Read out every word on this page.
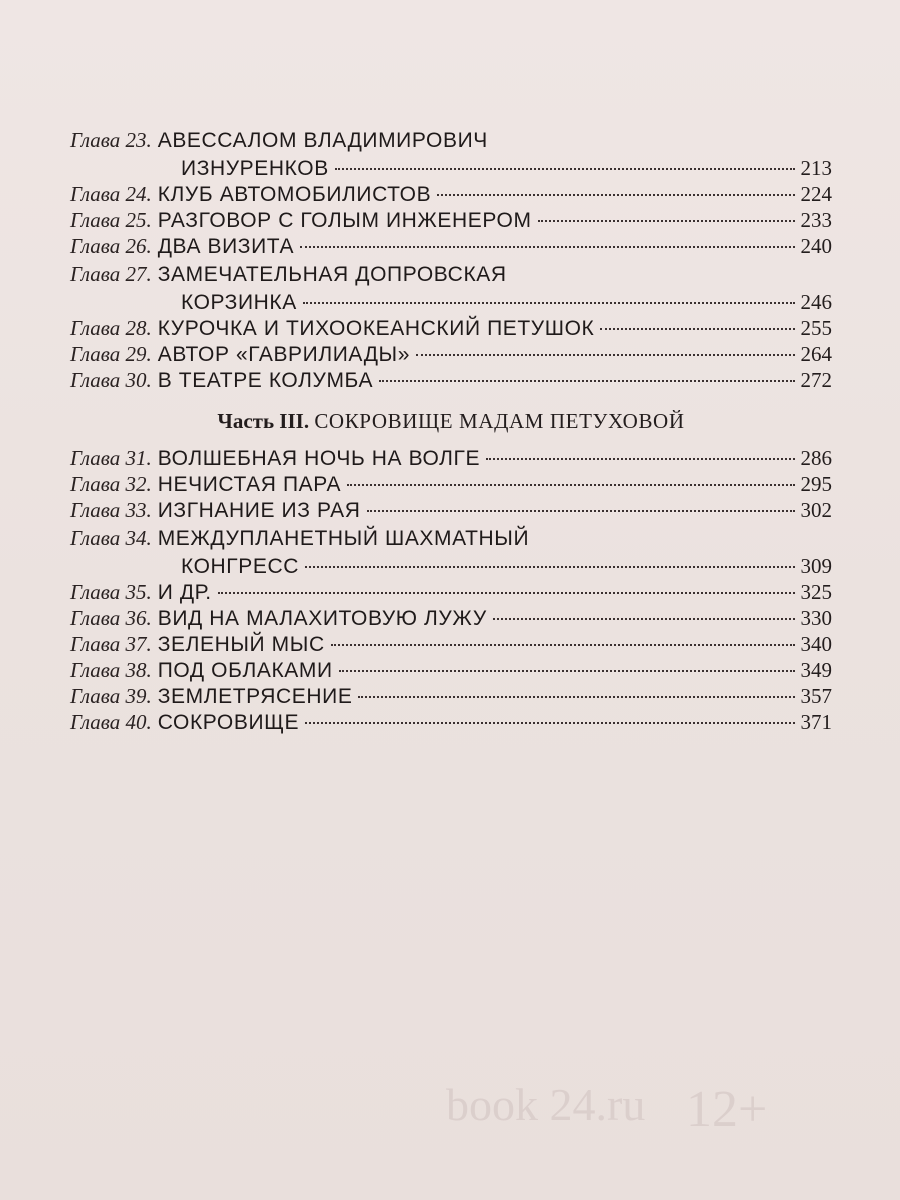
Глава 23. АВЕССАЛОМ ВЛАДИМИРОВИЧ
ИЗНУРЕНКОВ	213
Глава 24. КЛУБ АВТОМОБИЛИСТОВ	224
Глава 25. РАЗГОВОР С ГОЛЫМ ИНЖЕНЕРОМ	233
Глава 26. ДВА ВИЗИТА	240
Глава 27. ЗАМЕЧАТЕЛЬНАЯ ДОПРОВСКАЯ
КОРЗИНКА	246
Глава 28. КУРОЧКА И ТИХООКЕАНСКИЙ ПЕТУШОК	255
Глава 29. АВТОР «ГАВРИЛИАДЫ»	264
Глава 30. В ТЕАТРЕ КОЛУМБА	272
Часть III. СОКРОВИЩЕ МАДАМ ПЕТУХОВОЙ
Глава 31. ВОЛШЕБНАЯ НОЧЬ НА ВОЛГЕ	286
Глава 32. НЕЧИСТАЯ ПАРА	295
Глава 33. ИЗГНАНИЕ ИЗ РАЯ	302
Глава 34. МЕЖДУПЛАНЕТНЫЙ ШАХМАТНЫЙ
КОНГРЕСС	309
Глава 35. И ДР.	325
Глава 36. ВИД НА МАЛАХИТОВУЮ ЛУЖУ	330
Глава 37. ЗЕЛЕНЫЙ МЫС	340
Глава 38. ПОД ОБЛАКАМИ	349
Глава 39. ЗЕМЛЕТРЯСЕНИЕ	357
Глава 40. СОКРОВИЩЕ	371
book 24.ru 12+
